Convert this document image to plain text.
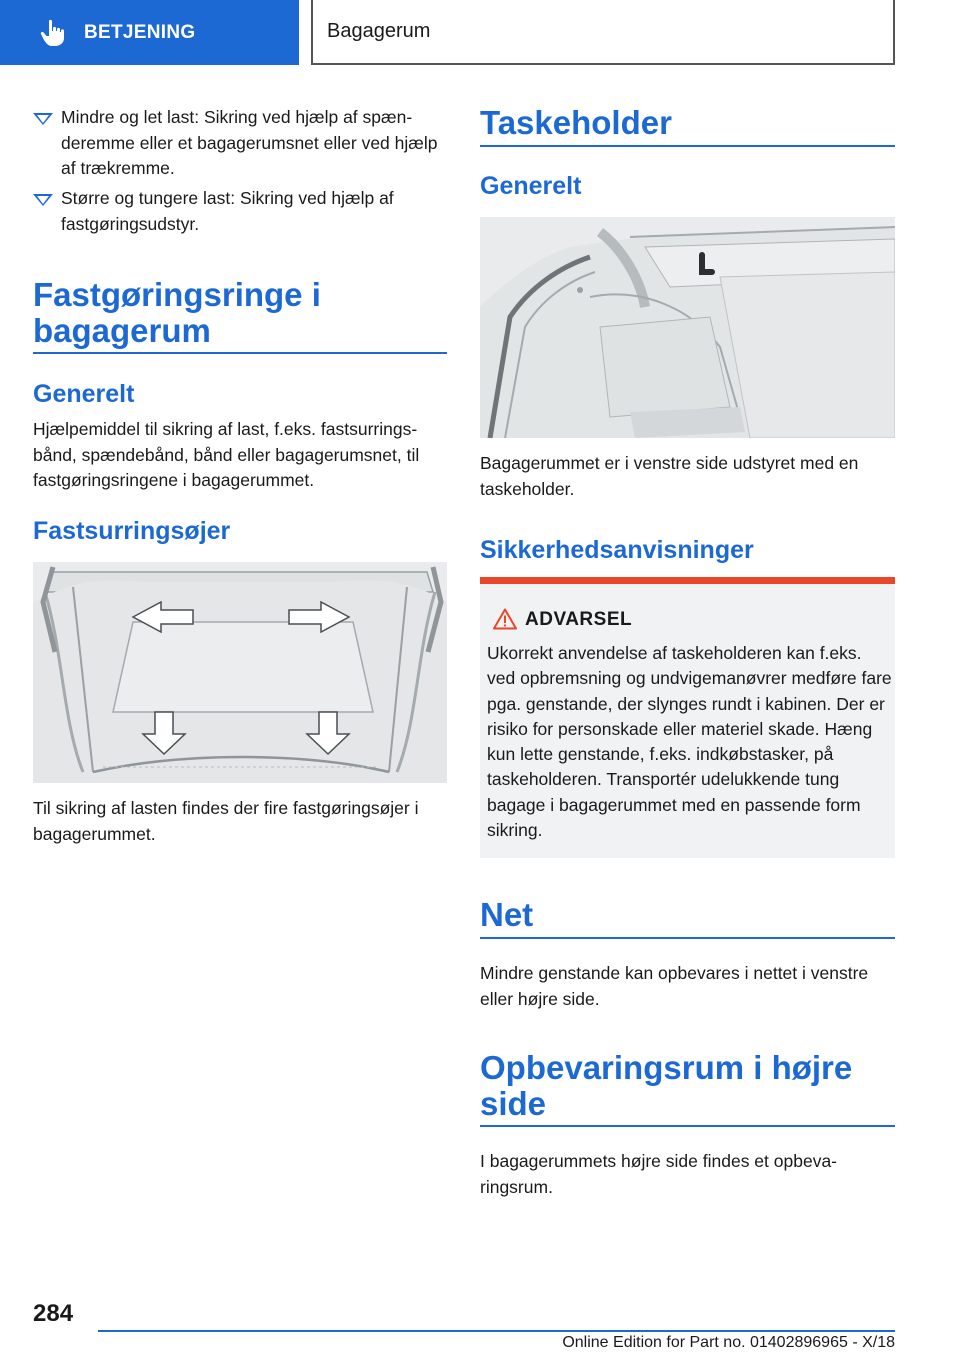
BETJENING	Bagagerum
Mindre og let last: Sikring ved hjælp af spænderemme eller et bagagerumsnet eller ved hjælp af trækremme.
Større og tungere last: Sikring ved hjælp af fastgøringsudstyr.
Fastgøringsringe i bagagerum
Generelt
Hjælpemiddel til sikring af last, f.eks. fastsurringsbånd, spændebånd, bånd eller bagagerumsnet, til fastgøringsringene i bagagerummet.
Fastsurringsøjer
Til sikring af lasten findes der fire fastgøringsøjer i bagagerummet.
Taskeholder
Generelt
Bagagerummet er i venstre side udstyret med en taskeholder.
Sikkerhedsanvisninger
ADVARSEL
Ukorrekt anvendelse af taskeholderen kan f.eks. ved opbremsning og undvigemanøvrer medføre fare pga. genstande, der slynges rundt i kabinen. Der er risiko for personskade eller materiel skade. Hæng kun lette genstande, f.eks. indkøbstasker, på taskeholderen. Transportér udelukkende tung bagage i bagagerummet med en passende form sikring.
Net
Mindre genstande kan opbevares i nettet i venstre eller højre side.
Opbevaringsrum i højre side
I bagagerummets højre side findes et opbevaringsrum.
284
Online Edition for Part no. 01402896965 - X/18
